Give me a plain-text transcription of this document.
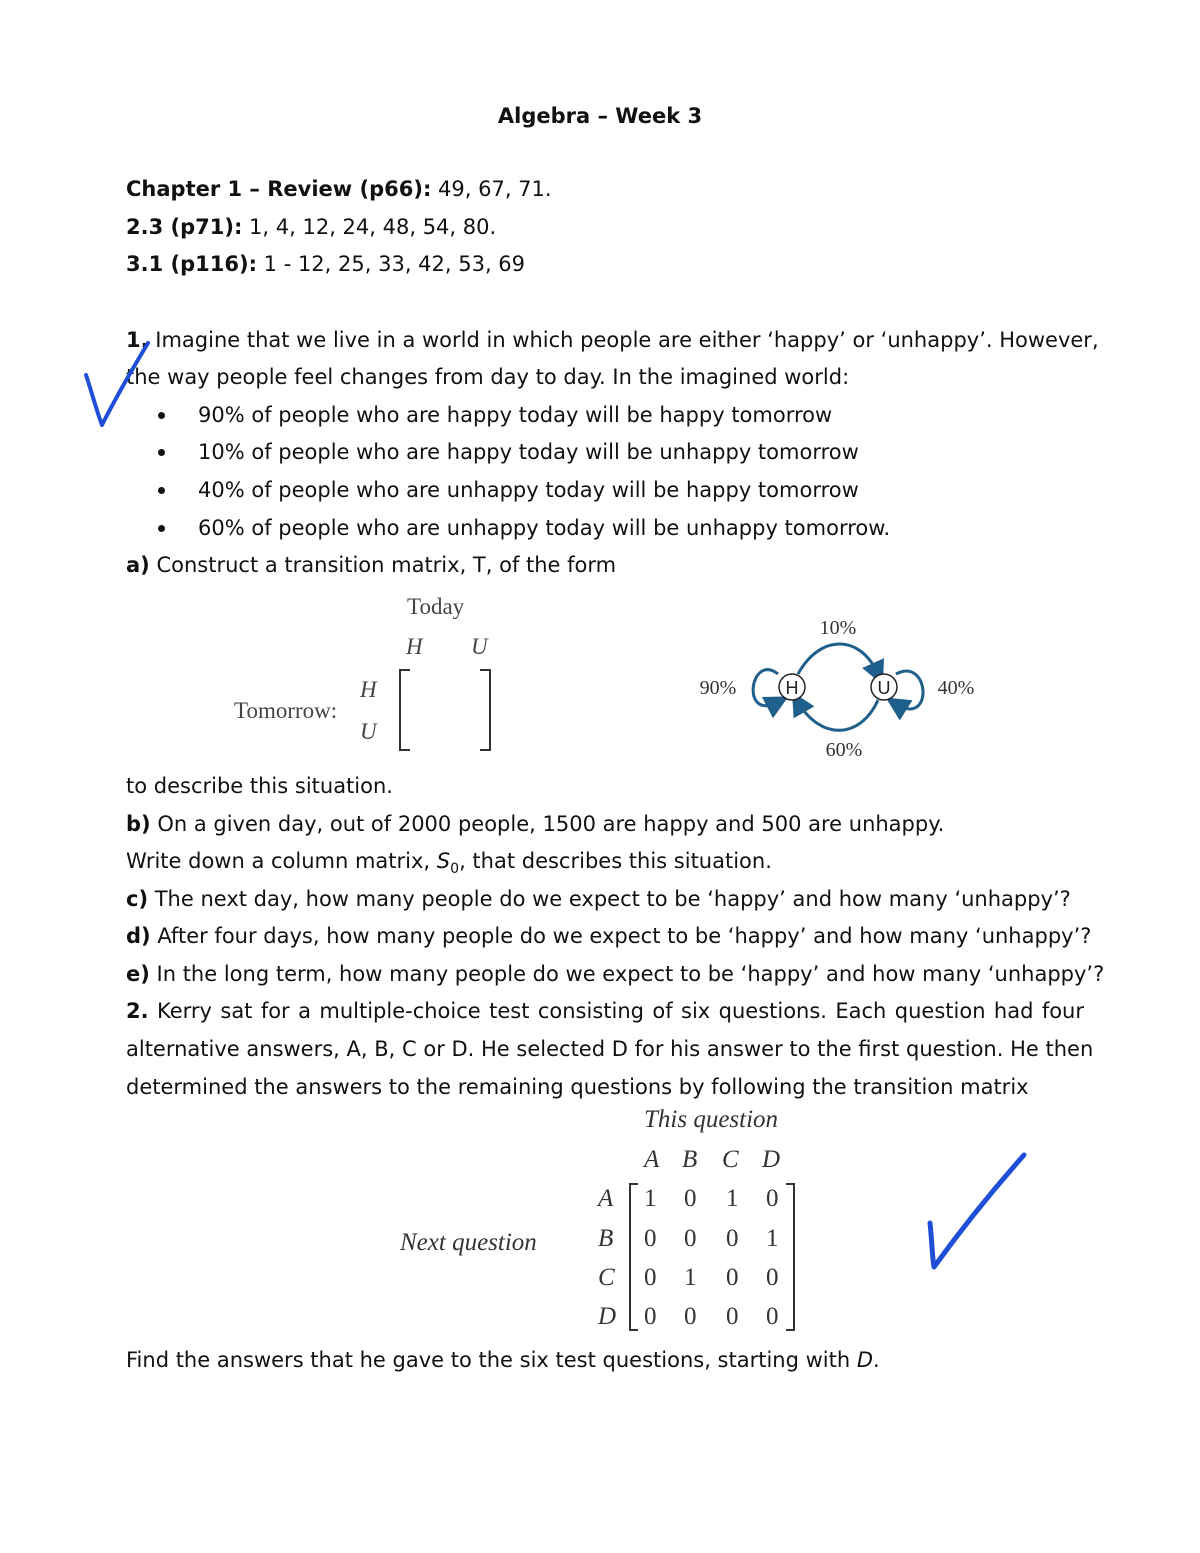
Algebra – Week 3
Chapter 1 – Review (p66): 49, 67, 71.
2.3 (p71): 1, 4, 12, 24, 48, 54, 80.
3.1 (p116): 1 - 12, 25, 33, 42, 53, 69
1. Imagine that we live in a world in which people are either ‘happy’ or ‘unhappy’. However,
the way people feel changes from day to day. In the imagined world:
90% of people who are happy today will be happy tomorrow
10% of people who are happy today will be unhappy tomorrow
40% of people who are unhappy today will be happy tomorrow
60% of people who are unhappy today will be unhappy tomorrow.
a) Construct a transition matrix, T, of the form
Today
H U
Tomorrow:
H
U
H	U
10%
60%
90%	40%
to describe this situation.
b) On a given day, out of 2000 people, 1500 are happy and 500 are unhappy.
Write down a column matrix, $S_0$, that describes this situation.
c) The next day, how many people do we expect to be ‘happy’ and how many ‘unhappy’?
d) After four days, how many people do we expect to be ‘happy’ and how many ‘unhappy’?
e) In the long term, how many people do we expect to be ‘happy’ and how many ‘unhappy’?
2. Kerry sat for a multiple-choice test consisting of six questions. Each question had four
alternative answers, A, B, C or D. He selected D for his answer to the first question. He then
determined the answers to the remaining questions by following the transition matrix
This question
A B C D
Next question
A
B
C
D
1 0 1 0
0 0 0 1
0 1 0 0
0 0 0 0
Find the answers that he gave to the six test questions, starting with D.
